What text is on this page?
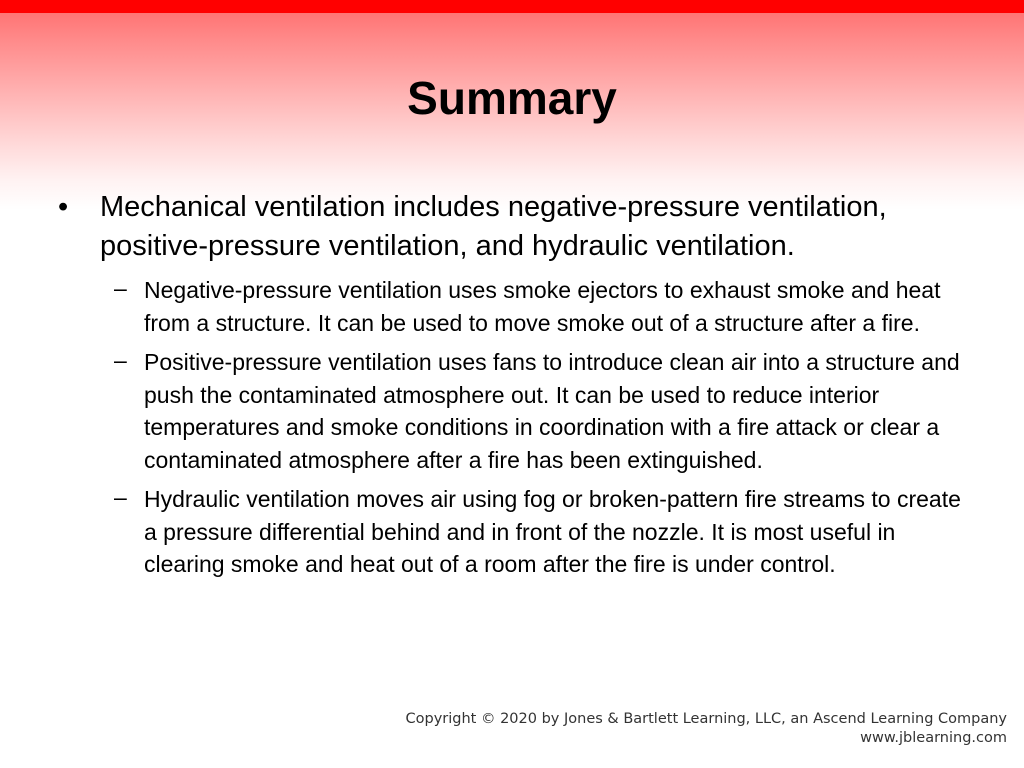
Summary
• Mechanical ventilation includes negative-pressure ventilation, positive-pressure ventilation, and hydraulic ventilation.
– Negative-pressure ventilation uses smoke ejectors to exhaust smoke and heat from a structure. It can be used to move smoke out of a structure after a fire.
– Positive-pressure ventilation uses fans to introduce clean air into a structure and push the contaminated atmosphere out. It can be used to reduce interior temperatures and smoke conditions in coordination with a fire attack or clear a contaminated atmosphere after a fire has been extinguished.
– Hydraulic ventilation moves air using fog or broken-pattern fire streams to create a pressure differential behind and in front of the nozzle. It is most useful in clearing smoke and heat out of a room after the fire is under control.
Copyright © 2020 by Jones & Bartlett Learning, LLC, an Ascend Learning Company
www.jblearning.com
